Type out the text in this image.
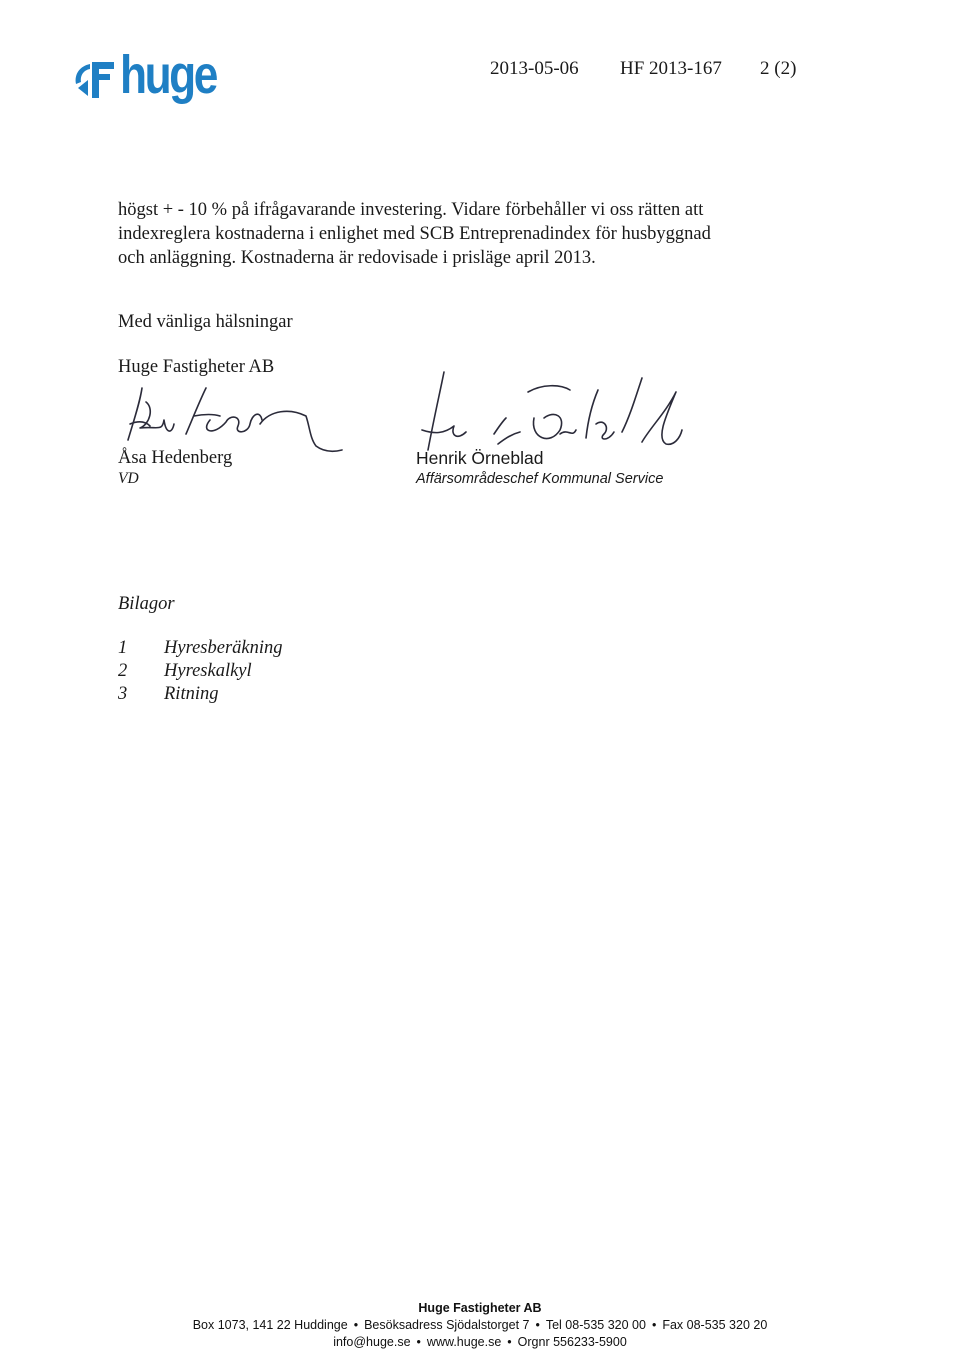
huge	2013-05-06 HF 2013-167 2 (2)
högst + - 10 % på ifrågavarande investering. Vidare förbehåller vi oss rätten att
indexreglera kostnaderna i enlighet med SCB Entreprenadindex för husbyggnad
och anläggning. Kostnaderna är redovisade i prisläge april 2013.
Med vänliga hälsningar
Huge Fastigheter AB
Åsa Hedenberg
VD
Henrik Örneblad
Affärsområdeschef Kommunal Service
Bilagor
1	Hyresberäkning
2	Hyreskalkyl
3	Ritning
Huge Fastigheter AB
Box 1073, 141 22 Huddinge • Besöksadress Sjödalstorget 7 • Tel 08-535 320 00 • Fax 08-535 320 20
info@huge.se • www.huge.se • Orgnr 556233-5900
